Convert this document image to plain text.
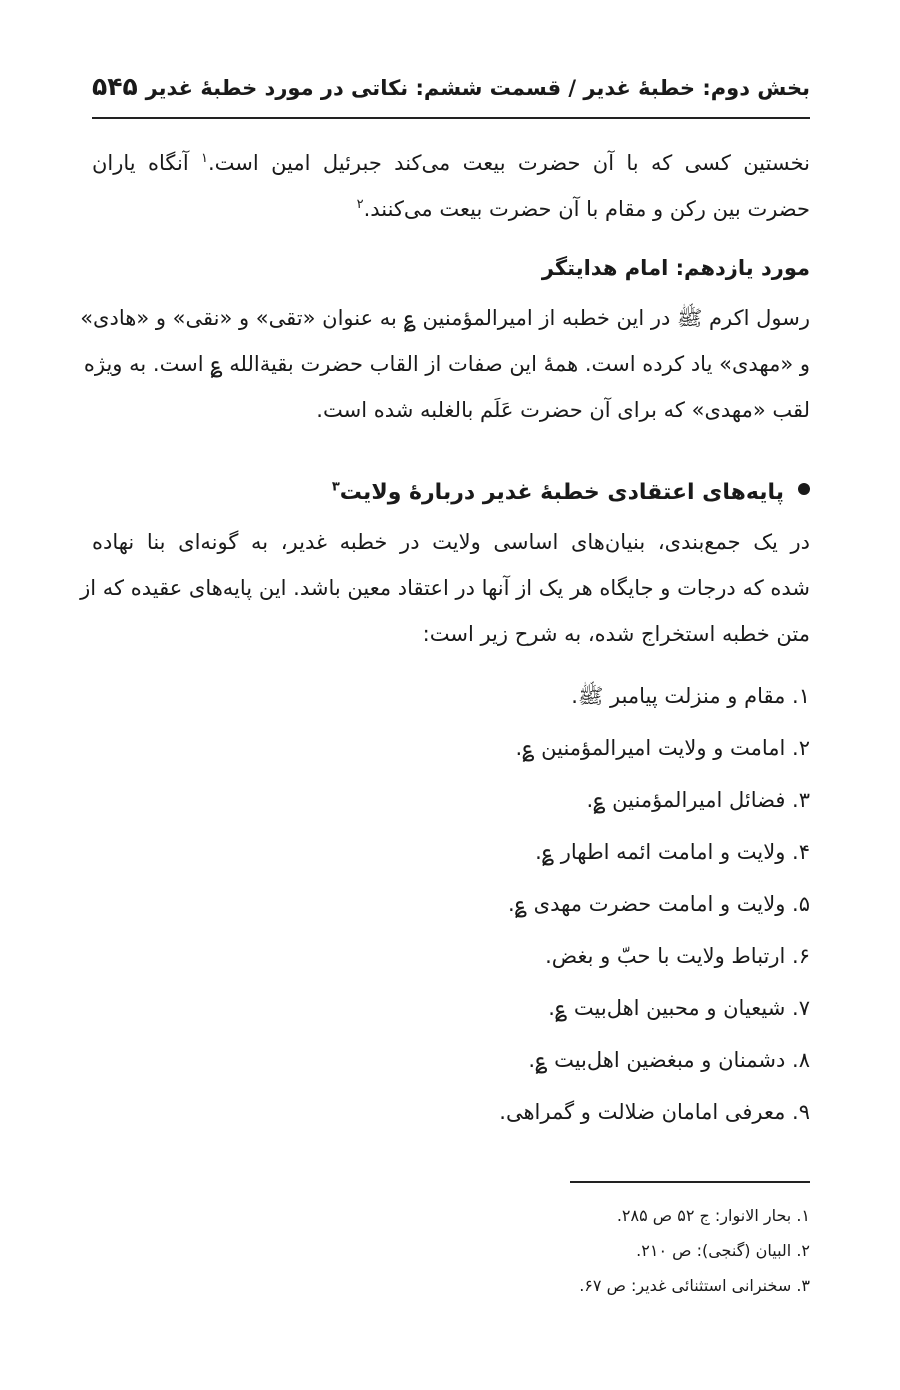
بخش دوم: خطبۀ غدیر / قسمت ششم: نکاتی در مورد خطبۀ غدیر
۵۴۵
نخستین کسی که با آن حضرت بیعت می‌کند جبرئیل امین است.$^۱$ آنگاه یاران
حضرت بین رکن و مقام با آن حضرت بیعت می‌کنند.$^۲$
مورد یازدهم: امام هدایتگر
رسول اکرم ﷺ در این خطبه از امیرالمؤمنین ؏ به عنوان «تقی» و «نقی» و «هادی»
و «مهدی» یاد کرده است. همۀ این صفات از القاب حضرت بقیةالله ؏ است. به ویژه
لقب «مهدی» که برای آن حضرت عَلَم بالغلبه شده است.
پایه‌های اعتقادی خطبۀ غدیر دربارۀ ولایت$^۳$
در یک جمع‌بندی، بنیان‌های اساسی ولایت در خطبه غدیر، به گونه‌ای بنا نهاده
شده که درجات و جایگاه هر یک از آنها در اعتقاد معین باشد. این پایه‌های عقیده که از
متن خطبه استخراج شده، به شرح زیر است:
۱. مقام و منزلت پیامبر ﷺ.
۲. امامت و ولایت امیرالمؤمنین ؏.
۳. فضائل امیرالمؤمنین ؏.
۴. ولایت و امامت ائمه اطهار ؏.
۵. ولایت و امامت حضرت مهدی ؏.
۶. ارتباط ولایت با حبّ و بغض.
۷. شیعیان و محبین اهل‌بیت ؏.
۸. دشمنان و مبغضین اهل‌بیت ؏.
۹. معرفی امامان ضلالت و گمراهی.
۱. بحار الانوار: ج ۵۲ ص ۲۸۵.
۲. البیان (گنجی): ص ۲۱۰.
۳. سخنرانی استثنائی غدیر: ص ۶۷.
